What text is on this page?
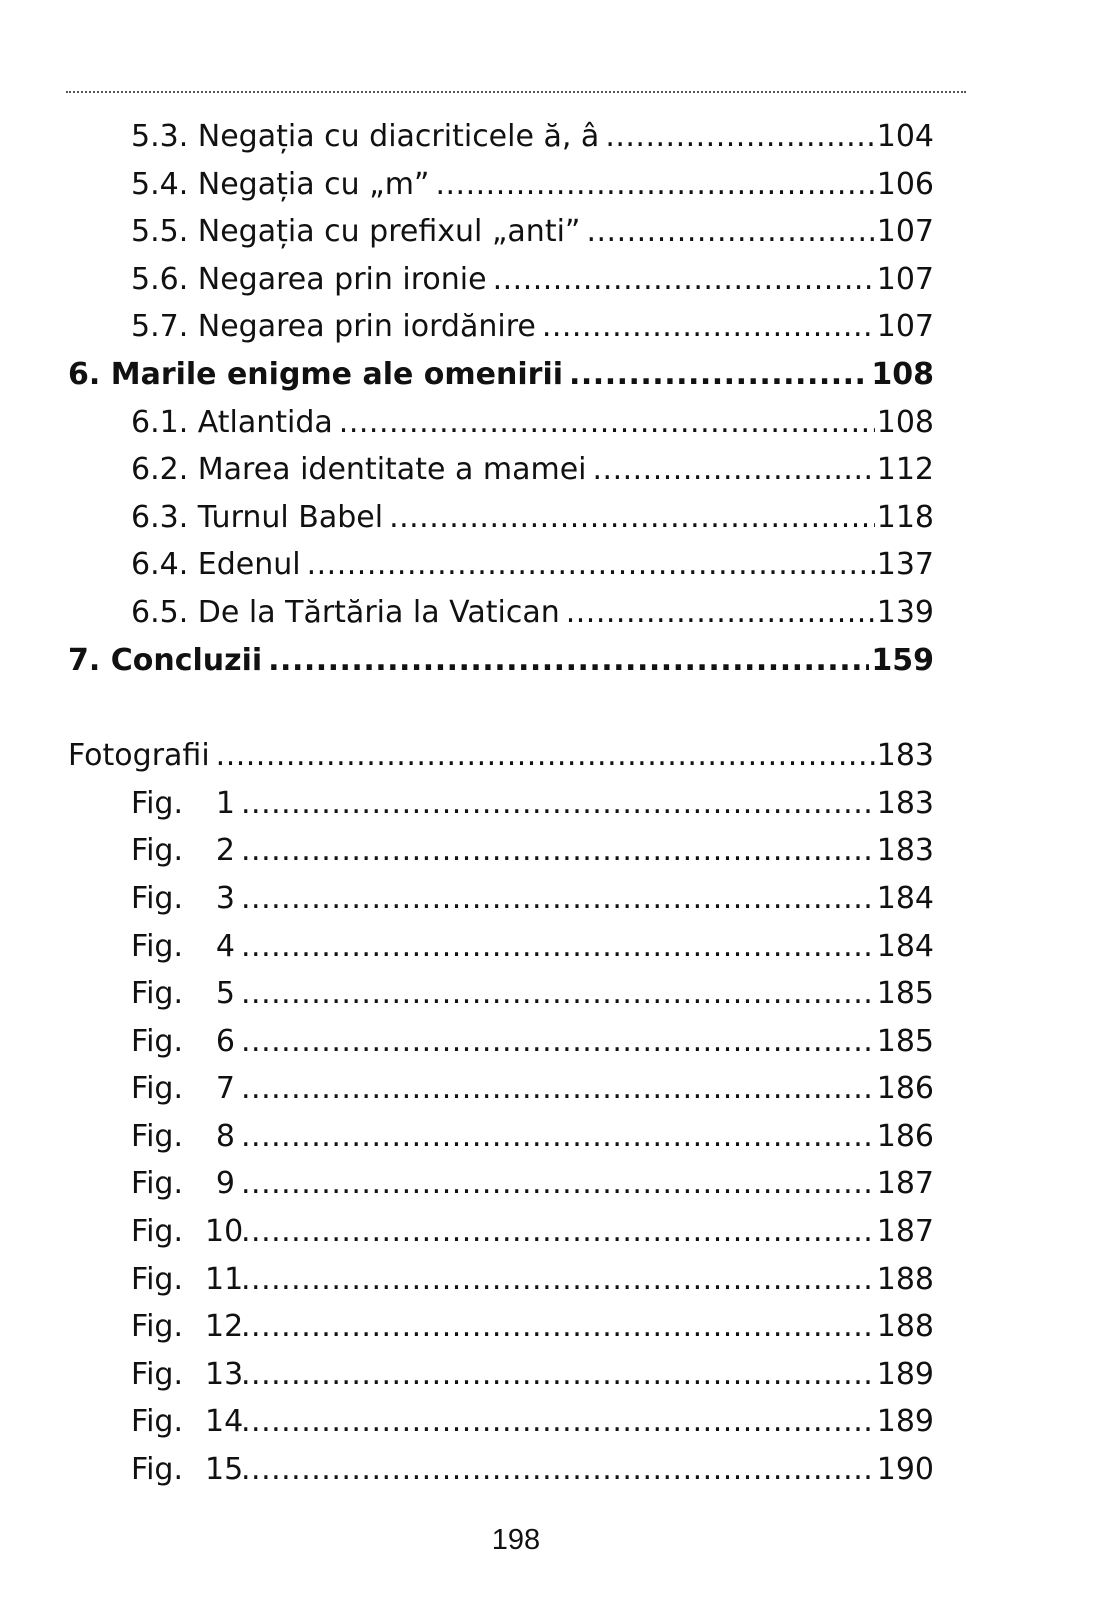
5.3. Negația cu diacriticele ă, â .....	104
5.4. Negația cu „m” .....	106
5.5. Negația cu prefixul „anti” .....	107
5.6. Negarea prin ironie .....	107
5.7. Negarea prin iordănire .....	107
6. Marile enigme ale omenirii .....	108
6.1. Atlantida .....	108
6.2. Marea identitate a mamei .....	112
6.3. Turnul Babel .....	118
6.4. Edenul .....	137
6.5. De la Tărtăria la Vatican .....	139
7. Concluzii .....	159
Fotografii .....	183
Fig.	1 .....	183
Fig.	2 .....	183
Fig.	3 .....	184
Fig.	4 .....	184
Fig.	5 .....	185
Fig.	6 .....	185
Fig.	7 .....	186
Fig.	8 .....	186
Fig.	9 .....	187
Fig. 10 .....	187
Fig. 11 .....	188
Fig. 12 .....	188
Fig. 13 .....	189
Fig. 14 .....	189
Fig. 15 .....	190
198
